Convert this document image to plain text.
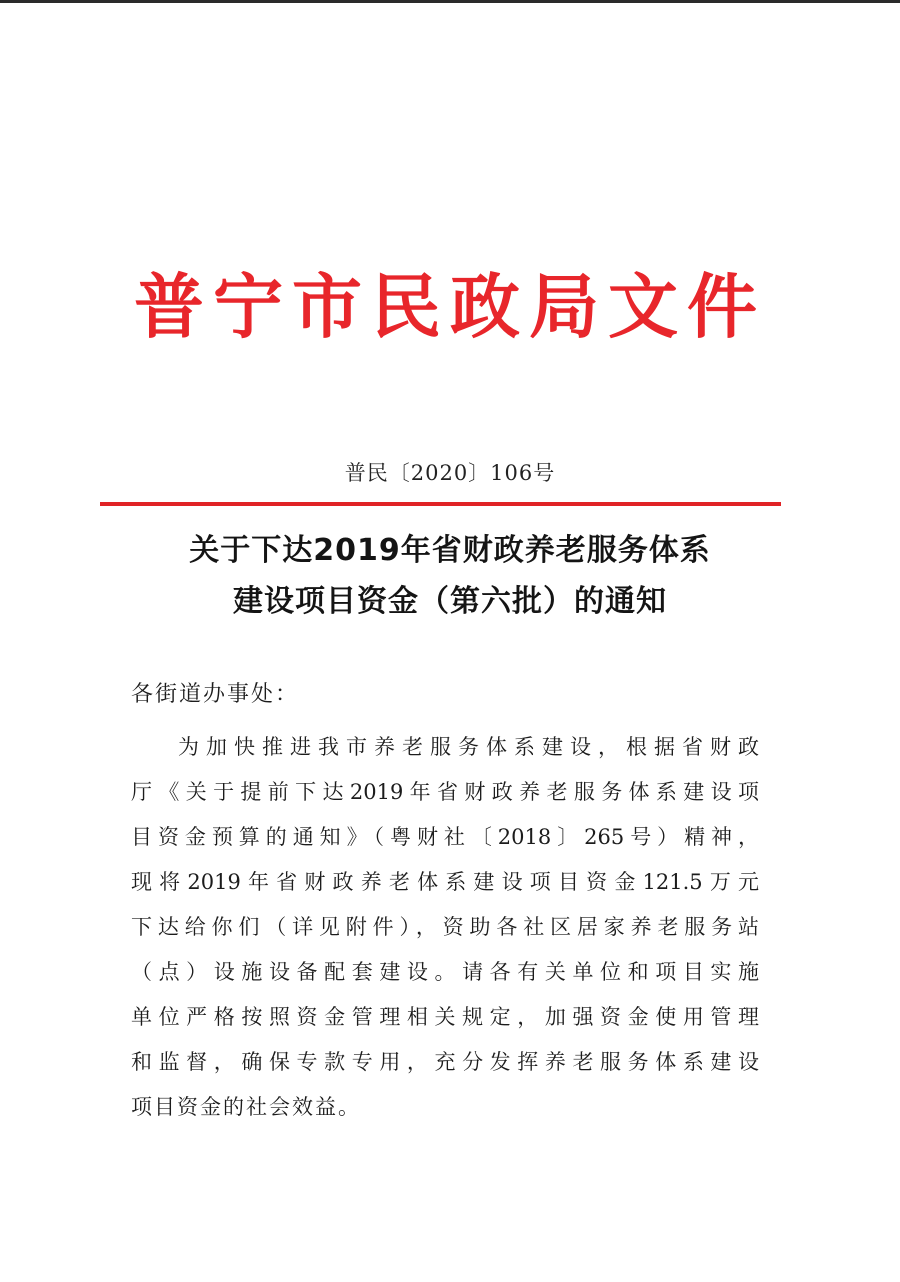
普宁市民政局文件
普民〔2020〕106号
关于下达2019年省财政养老服务体系
建设项目资金（第六批）的通知
各街道办事处：
为加快推进我市养老服务体系建设，根据省财政
厅《关于提前下达2019年省财政养老服务体系建设项
目资金预算的通知》（粤财社〔2018〕265号）精神，
现将2019年省财政养老体系建设项目资金121.5万元
下达给你们（详见附件），资助各社区居家养老服务站
（点）设施设备配套建设。请各有关单位和项目实施
单位严格按照资金管理相关规定，加强资金使用管理
和监督，确保专款专用，充分发挥养老服务体系建设
项目资金的社会效益。
